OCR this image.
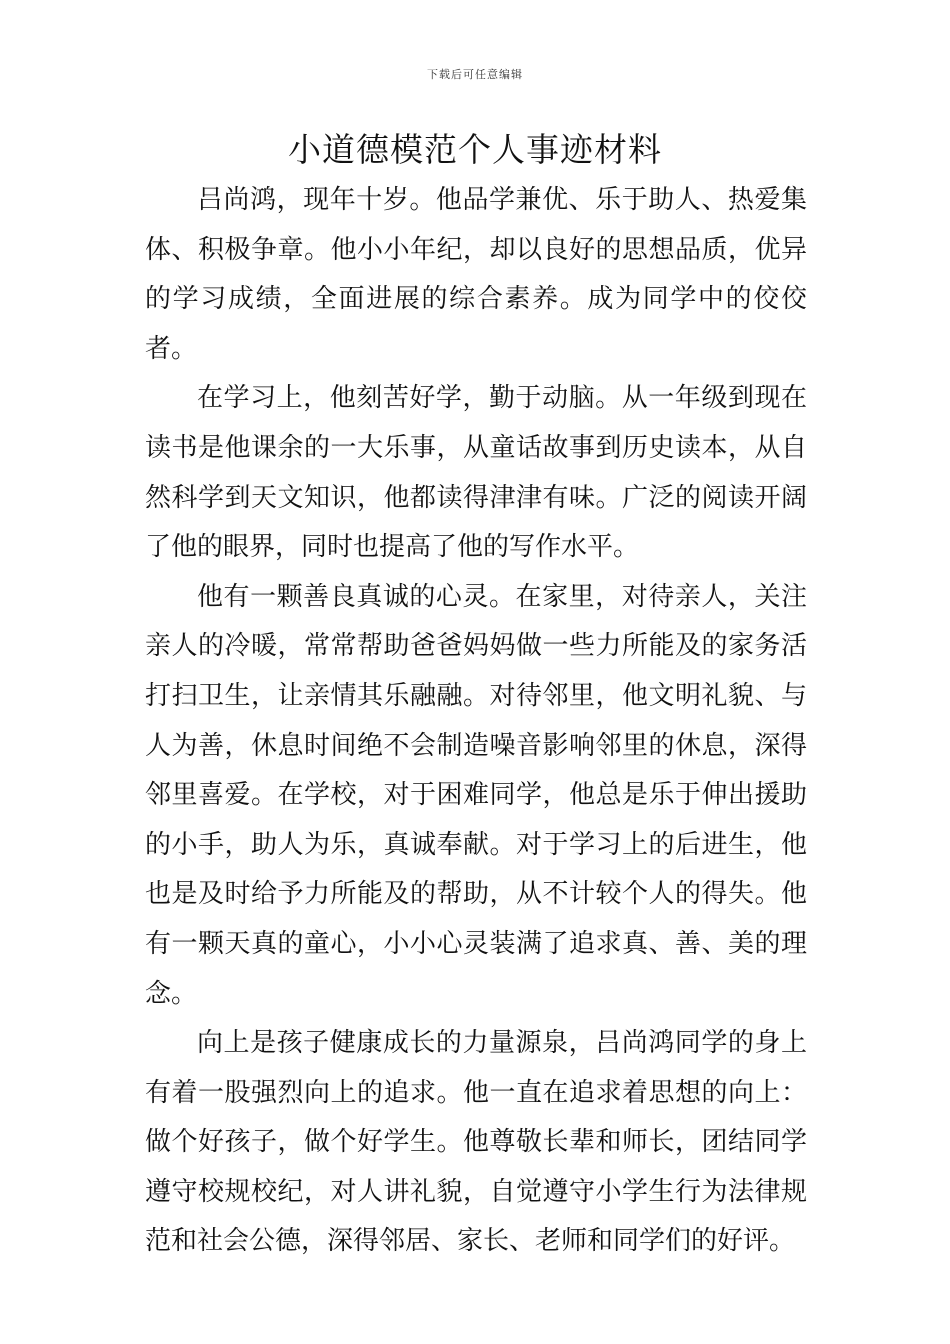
下载后可任意编辑
小道德模范个人事迹材料

吕尚鸿，现年十岁。他品学兼优、乐于助人、热爱集体、积极争章。他小小年纪，却以良好的思想品质，优异的学习成绩，全面进展的综合素养。成为同学中的佼佼者。

在学习上，他刻苦好学，勤于动脑。从一年级到现在读书是他课余的一大乐事，从童话故事到历史读本，从自然科学到天文知识，他都读得津津有味。广泛的阅读开阔了他的眼界，同时也提高了他的写作水平。

他有一颗善良真诚的心灵。在家里，对待亲人，关注亲人的冷暖，常常帮助爸爸妈妈做一些力所能及的家务活打扫卫生，让亲情其乐融融。对待邻里，他文明礼貌、与人为善，休息时间绝不会制造噪音影响邻里的休息，深得邻里喜爱。在学校，对于困难同学，他总是乐于伸出援助的小手，助人为乐，真诚奉献。对于学习上的后进生，他也是及时给予力所能及的帮助，从不计较个人的得失。他有一颗天真的童心，小小心灵装满了追求真、善、美的理念。

向上是孩子健康成长的力量源泉，吕尚鸿同学的身上有着一股强烈向上的追求。他一直在追求着思想的向上：做个好孩子，做个好学生。他尊敬长辈和师长，团结同学遵守校规校纪，对人讲礼貌，自觉遵守小学生行为法律规范和社会公德，深得邻居、家长、老师和同学们的好评。
